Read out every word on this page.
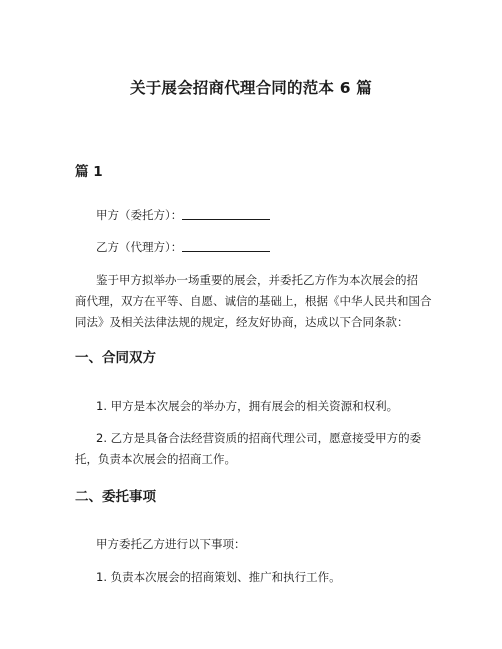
关于展会招商代理合同的范本 6 篇
篇 1
甲方（委托方）：
乙方（代理方）：
鉴于甲方拟举办一场重要的展会，并委托乙方作为本次展会的招
商代理，双方在平等、自愿、诚信的基础上，根据《中华人民共和国合
同法》及相关法律法规的规定，经友好协商，达成以下合同条款：
一、合同双方
1. 甲方是本次展会的举办方，拥有展会的相关资源和权利。
2. 乙方是具备合法经营资质的招商代理公司，愿意接受甲方的委
托，负责本次展会的招商工作。
二、委托事项
甲方委托乙方进行以下事项：
1. 负责本次展会的招商策划、推广和执行工作。
